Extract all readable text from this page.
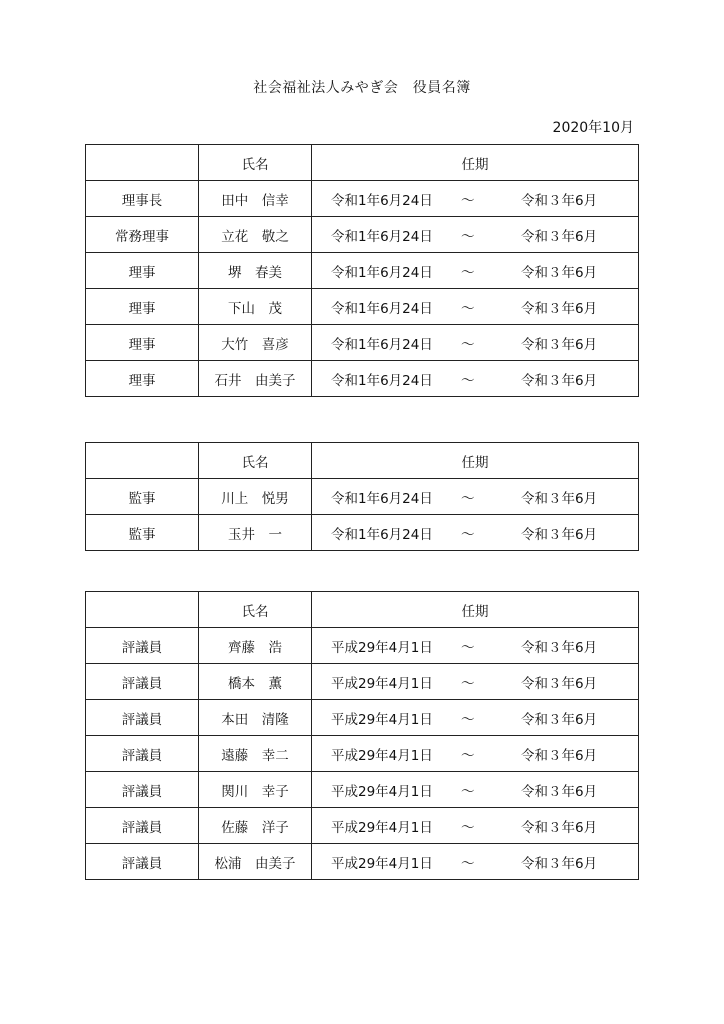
社会福祉法人みやぎ会　役員名簿
2020年10月
	氏名	任期
理事長	田中　信幸	令和1年6月24日 ～ 令和３年6月
常務理事	立花　敬之	令和1年6月24日 ～ 令和３年6月
理事	堺　春美	令和1年6月24日 ～ 令和３年6月
理事	下山　茂	令和1年6月24日 ～ 令和３年6月
理事	大竹　喜彦	令和1年6月24日 ～ 令和３年6月
理事	石井　由美子	令和1年6月24日 ～ 令和３年6月
	氏名	任期
監事	川上　悦男	令和1年6月24日 ～ 令和３年6月
監事	玉井　一	令和1年6月24日 ～ 令和３年6月
	氏名	任期
評議員	齊藤　浩	平成29年4月1日 ～ 令和３年6月
評議員	橋本　薫	平成29年4月1日 ～ 令和３年6月
評議員	本田　清隆	平成29年4月1日 ～ 令和３年6月
評議員	遠藤　幸二	平成29年4月1日 ～ 令和３年6月
評議員	関川　幸子	平成29年4月1日 ～ 令和３年6月
評議員	佐藤　洋子	平成29年4月1日 ～ 令和３年6月
評議員	松浦　由美子	平成29年4月1日 ～ 令和３年6月
